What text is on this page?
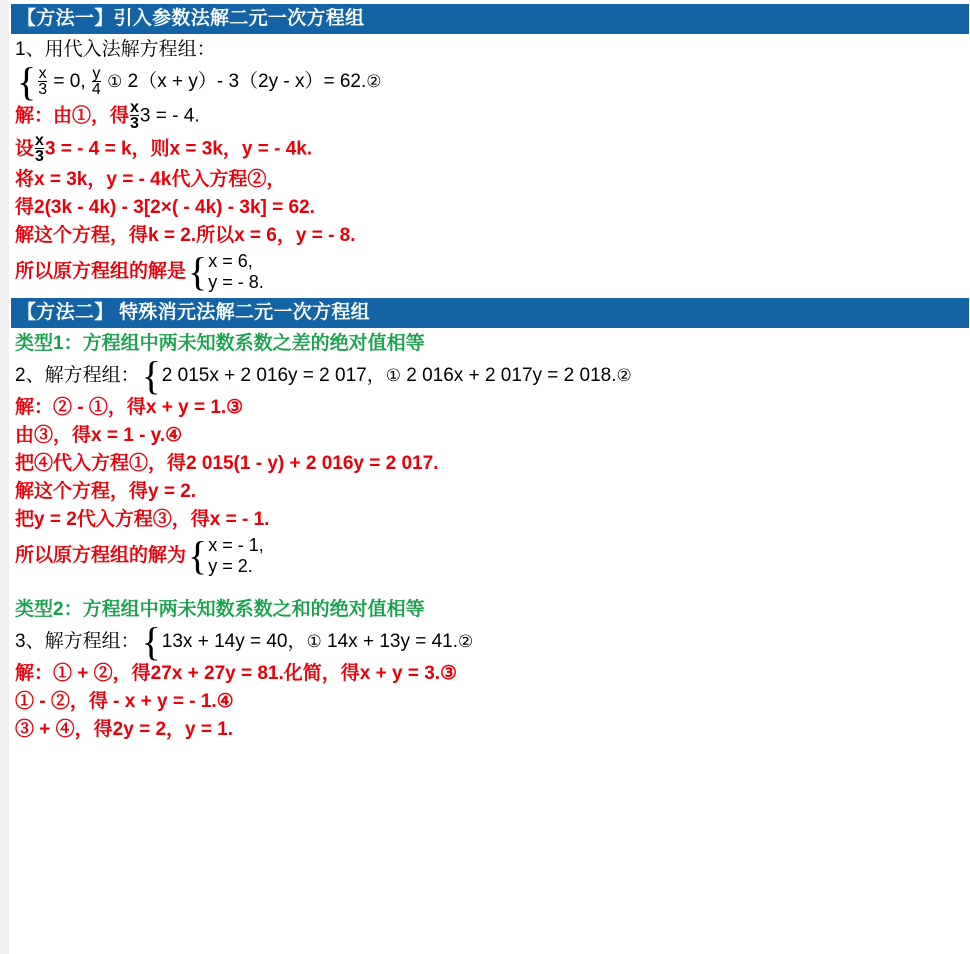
【方法一】引入参数法解二元一次方程组
1、用代入法解方程组：
{ $\frac{x}{3} = 0$, $\frac{y}{4}$ ① 2（x + y）- 3（2y - x）= 62.②
解：由①，得 $\frac{x}{3} 3$ = - 4.
设 $\frac{x}{3} 3$ = - 4 = k，则x = 3k，y = - 4k.
将x = 3k，y = - 4k代入方程②，
得2(3k - 4k) - 3[2×( - 4k) - 3k] = 62.
解这个方程，得k = 2.所以x = 6，y = - 8.
所以原方程组的解是 { x = 6,
y = - 8.
【方法二】 特殊消元法解二元一次方程组
类型1：方程组中两未知数系数之差的绝对值相等
2、解方程组： { 2 015x + 2 016y = 2 017，① 2 016x + 2 017y = 2 018.②
解：② - ①，得x + y = 1.③
由③，得x = 1 - y.④
把④代入方程①，得2 015(1 - y) + 2 016y = 2 017.
解这个方程，得y = 2.
把y = 2代入方程③，得x = - 1.
所以原方程组的解为 { x = - 1,
y = 2.
类型2：方程组中两未知数系数之和的绝对值相等
3、解方程组： { 13x + 14y = 40，① 14x + 13y = 41.②
解：① + ②，得27x + 27y = 81.化简，得x + y = 3.③
① - ②，得 - x + y = - 1.④
③ + ④，得2y = 2，y = 1.
